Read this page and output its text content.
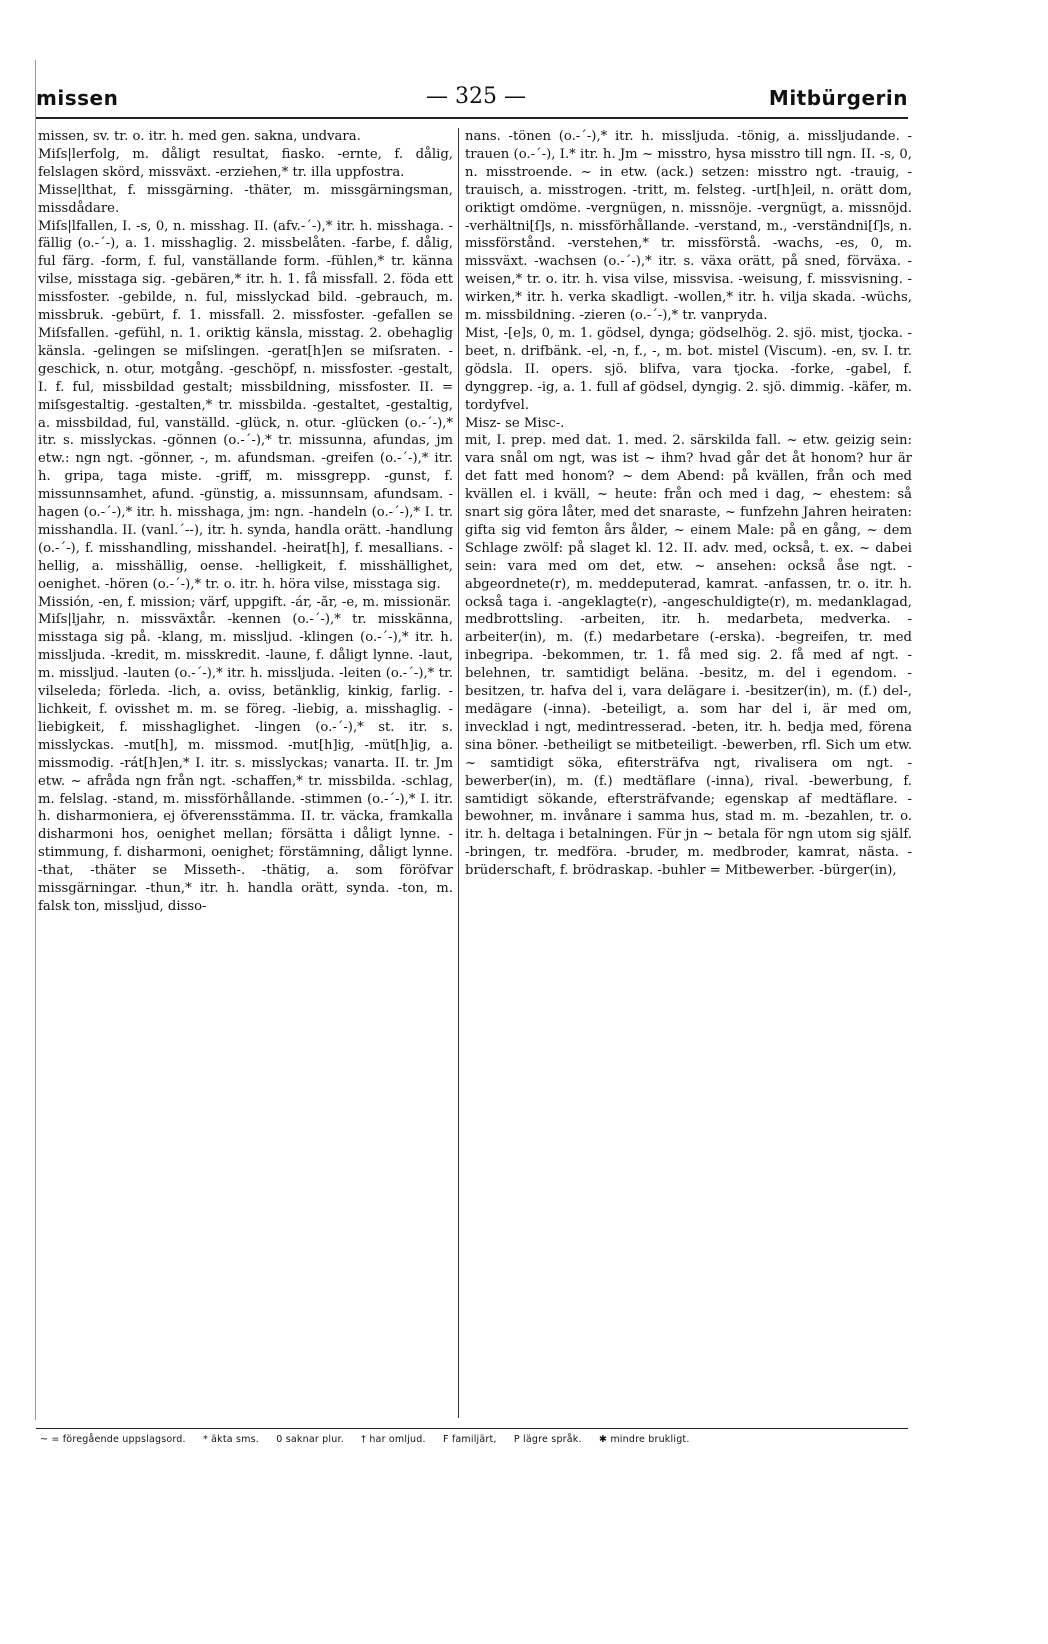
missen	— 325 —	Mitbürgerin

missen, sv. tr. o. itr. h. med gen. sakna, undvara.

Miſs|lerfolg, m. dåligt resultat, fiasko. -ernte, f. dålig, felslagen skörd, missväxt. -erziehen,* tr. illa uppfostra.

Misse|lthat, f. missgärning. -thäter, m. missgärningsman, missdådare.

Miſs|lfallen, I. -s, 0, n. misshag. II. (afv.-´-),* itr. h. misshaga. -fällig (o.-´-), a. 1. misshaglig. 2. missbelåten. -farbe, f. dålig, ful färg. -form, f. ful, vanställande form. -fühlen,* tr. känna vilse, misstaga sig. -gebären,* itr. h. 1. få missfall. 2. föda ett missfoster. -gebilde, n. ful, misslyckad bild. -gebrauch, m. missbruk. -gebürt, f. 1. missfall. 2. missfoster. -gefallen se Miſsfallen. -gefühl, n. 1. oriktig känsla, misstag. 2. obehaglig känsla. -gelingen se miſslingen. -gerat[h]en se miſsraten. -geschick, n. otur, motgång. -geschöpf, n. missfoster. -gestalt, I. f. ful, missbildad gestalt; missbildning, missfoster. II. = miſsgestaltig. -gestalten,* tr. missbilda. -gestaltet, -gestaltig, a. missbildad, ful, vanställd. -glück, n. otur. -glücken (o.-´-),* itr. s. misslyckas. -gönnen (o.-´-),* tr. missunna, afundas, jm etw.: ngn ngt. -gönner, -, m. afundsman. -greifen (o.-´-),* itr. h. gripa, taga miste. -griff, m. missgrepp. -gunst, f. missunnsamhet, afund. -günstig, a. missunnsam, afundsam. -hagen (o.-´-),* itr. h. misshaga, jm: ngn. -handeln (o.-´-),* I. tr. misshandla. II. (vanl.´--), itr. h. synda, handla orätt. -handlung (o.-´-), f. misshandling, misshandel. -heirat[h], f. mesallians. -hellig, a. misshällig, oense. -helligkeit, f. misshällighet, oenighet. -hören (o.-´-),* tr. o. itr. h. höra vilse, misstaga sig.

Missión, -en, f. mission; värf, uppgift. -ár, -ăr, -e, m. missionär.

Miſs|ljahr, n. missväxtår. -kennen (o.-´-),* tr. misskänna, misstaga sig på. -klang, m. missljud. -klingen (o.-´-),* itr. h. missljuda. -kredit, m. misskredit. -laune, f. dåligt lynne. -laut, m. missljud. -lauten (o.-´-),* itr. h. missljuda. -leiten (o.-´-),* tr. vilseleda; förleda. -lich, a. oviss, betänklig, kinkig, farlig. -lichkeit, f. ovisshet m. m. se föreg. -liebig, a. misshaglig. -liebigkeit, f. misshaglighet. -lingen (o.-´-),* st. itr. s. misslyckas. -mut[h], m. missmod. -mut[h]ig, -müt[h]ig, a. missmodig. -rát[h]en,* I. itr. s. misslyckas; vanarta. II. tr. Jm etw. ~ afråda ngn från ngt. -schaffen,* tr. missbilda. -schlag, m. felslag. -stand, m. missförhållande. -stimmen (o.-´-),* I. itr. h. disharmoniera, ej öfverensstämma. II. tr. väcka, framkalla disharmoni hos, oenighet mellan; försätta i dåligt lynne. -stimmung, f. disharmoni, oenighet; förstämning, dåligt lynne. -that, -thäter se Misseth-. -thätig, a. som föröfvar missgärningar. -thun,* itr. h. handla orätt, synda. -ton, m. falsk ton, missljud, disso-

nans. -tönen (o.-´-),* itr. h. missljuda. -tönig, a. missljudande. -trauen (o.-´-), I.* itr. h. Jm ~ misstro, hysa misstro till ngn. II. -s, 0, n. misstroende. ~ in etw. (ack.) setzen: misstro ngt. -trauig, -trauisch, a. misstrogen. -tritt, m. felsteg. -urt[h]eil, n. orätt dom, oriktigt omdöme. -vergnügen, n. missnöje. -vergnügt, a. missnöjd. -verhältni[ſ]s, n. missförhållande. -verstand, m., -verständni[ſ]s, n. missförstånd. -verstehen,* tr. missförstå. -wachs, -es, 0, m. missväxt. -wachsen (o.-´-),* itr. s. växa orätt, på sned, förväxa. -weisen,* tr. o. itr. h. visa vilse, missvisa. -weisung, f. missvisning. -wirken,* itr. h. verka skadligt. -wollen,* itr. h. vilja skada. -wüchs, m. missbildning. -zieren (o.-´-),* tr. vanpryda.

Mist, -[e]s, 0, m. 1. gödsel, dynga; gödselhög. 2. sjö. mist, tjocka. -beet, n. drifbänk. -el, -n, f., -, m. bot. mistel (Viscum). -en, sv. I. tr. gödsla. II. opers. sjö. blifva, vara tjocka. -forke, -gabel, f. dynggrep. -ig, a. 1. full af gödsel, dyngig. 2. sjö. dimmig. -käfer, m. tordyfvel.

Misz- se Misc-.

mit, I. prep. med dat. 1. med. 2. särskilda fall. ~ etw. geizig sein: vara snål om ngt, was ist ~ ihm? hvad går det åt honom? hur är det fatt med honom? ~ dem Abend: på kvällen, från och med kvällen el. i kväll, ~ heute: från och med i dag, ~ ehestem: så snart sig göra låter, med det snaraste, ~ funfzehn Jahren heiraten: gifta sig vid femton års ålder, ~ einem Male: på en gång, ~ dem Schlage zwölf: på slaget kl. 12. II. adv. med, också, t. ex. ~ dabei sein: vara med om det, etw. ~ ansehen: också åse ngt. -abgeordnete(r), m. meddeputerad, kamrat. -anfassen, tr. o. itr. h. också taga i. -angeklagte(r), -angeschuldigte(r), m. medanklagad, medbrottsling. -arbeiten, itr. h. medarbeta, medverka. -arbeiter(in), m. (f.) medarbetare (-erska). -begreifen, tr. med inbegripa. -bekommen, tr. 1. få med sig. 2. få med af ngt. -belehnen, tr. samtidigt beläna. -besitz, m. del i egendom. -besitzen, tr. hafva del i, vara delägare i. -besitzer(in), m. (f.) del-, medägare (-inna). -beteiligt, a. som har del i, är med om, invecklad i ngt, medintresserad. -beten, itr. h. bedja med, förena sina böner. -betheiligt se mitbeteiligt. -bewerben, rfl. Sich um etw. ~ samtidigt söka, efitersträfva ngt, rivalisera om ngt. -bewerber(in), m. (f.) medtäflare (-inna), rival. -bewerbung, f. samtidigt sökande, eftersträfvande; egenskap af medtäflare. -bewohner, m. invånare i samma hus, stad m. m. -bezahlen, tr. o. itr. h. deltaga i betalningen. Für jn ~ betala för ngn utom sig själf. -bringen, tr. medföra. -bruder, m. medbroder, kamrat, nästa. -brüderschaft, f. brödraskap. -buhler = Mitbewerber. -bürger(in),

~ = föregående uppslagsord. * äkta sms. 0 saknar plur. † har omljud. F familjärt, P lägre språk. ✱ mindre brukligt.
